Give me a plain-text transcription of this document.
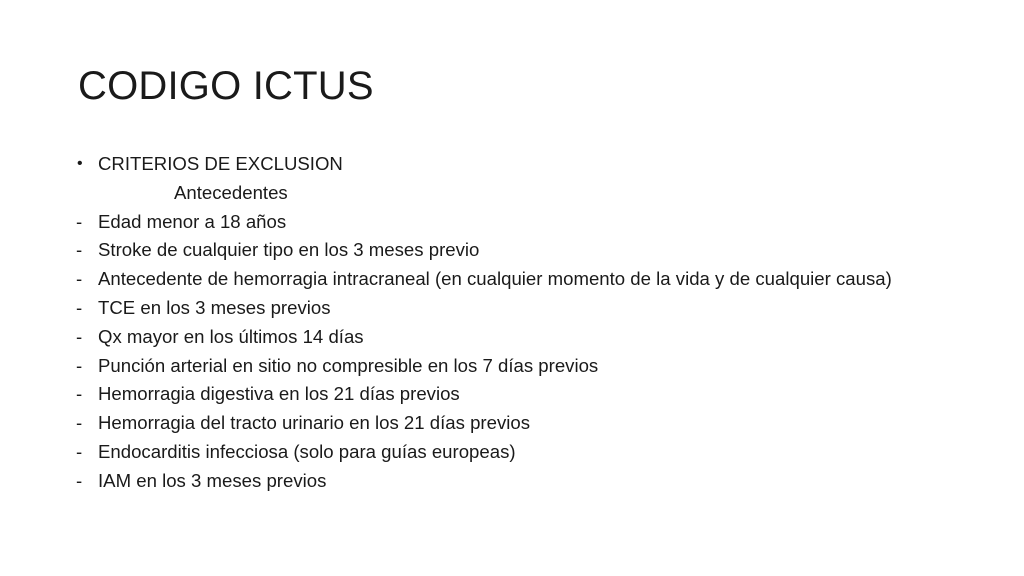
CODIGO ICTUS
• CRITERIOS DE EXCLUSION
Antecedentes
- Edad menor a 18 años
- Stroke de cualquier tipo en los 3 meses previo
- Antecedente de hemorragia intracraneal (en cualquier momento de la vida y de cualquier causa)
- TCE en los 3 meses previos
- Qx mayor en los últimos 14 días
- Punción arterial en sitio no compresible en los 7 días previos
- Hemorragia digestiva en los 21 días previos
- Hemorragia del tracto urinario en los 21 días previos
- Endocarditis infecciosa (solo para guías europeas)
- IAM en los 3 meses previos
